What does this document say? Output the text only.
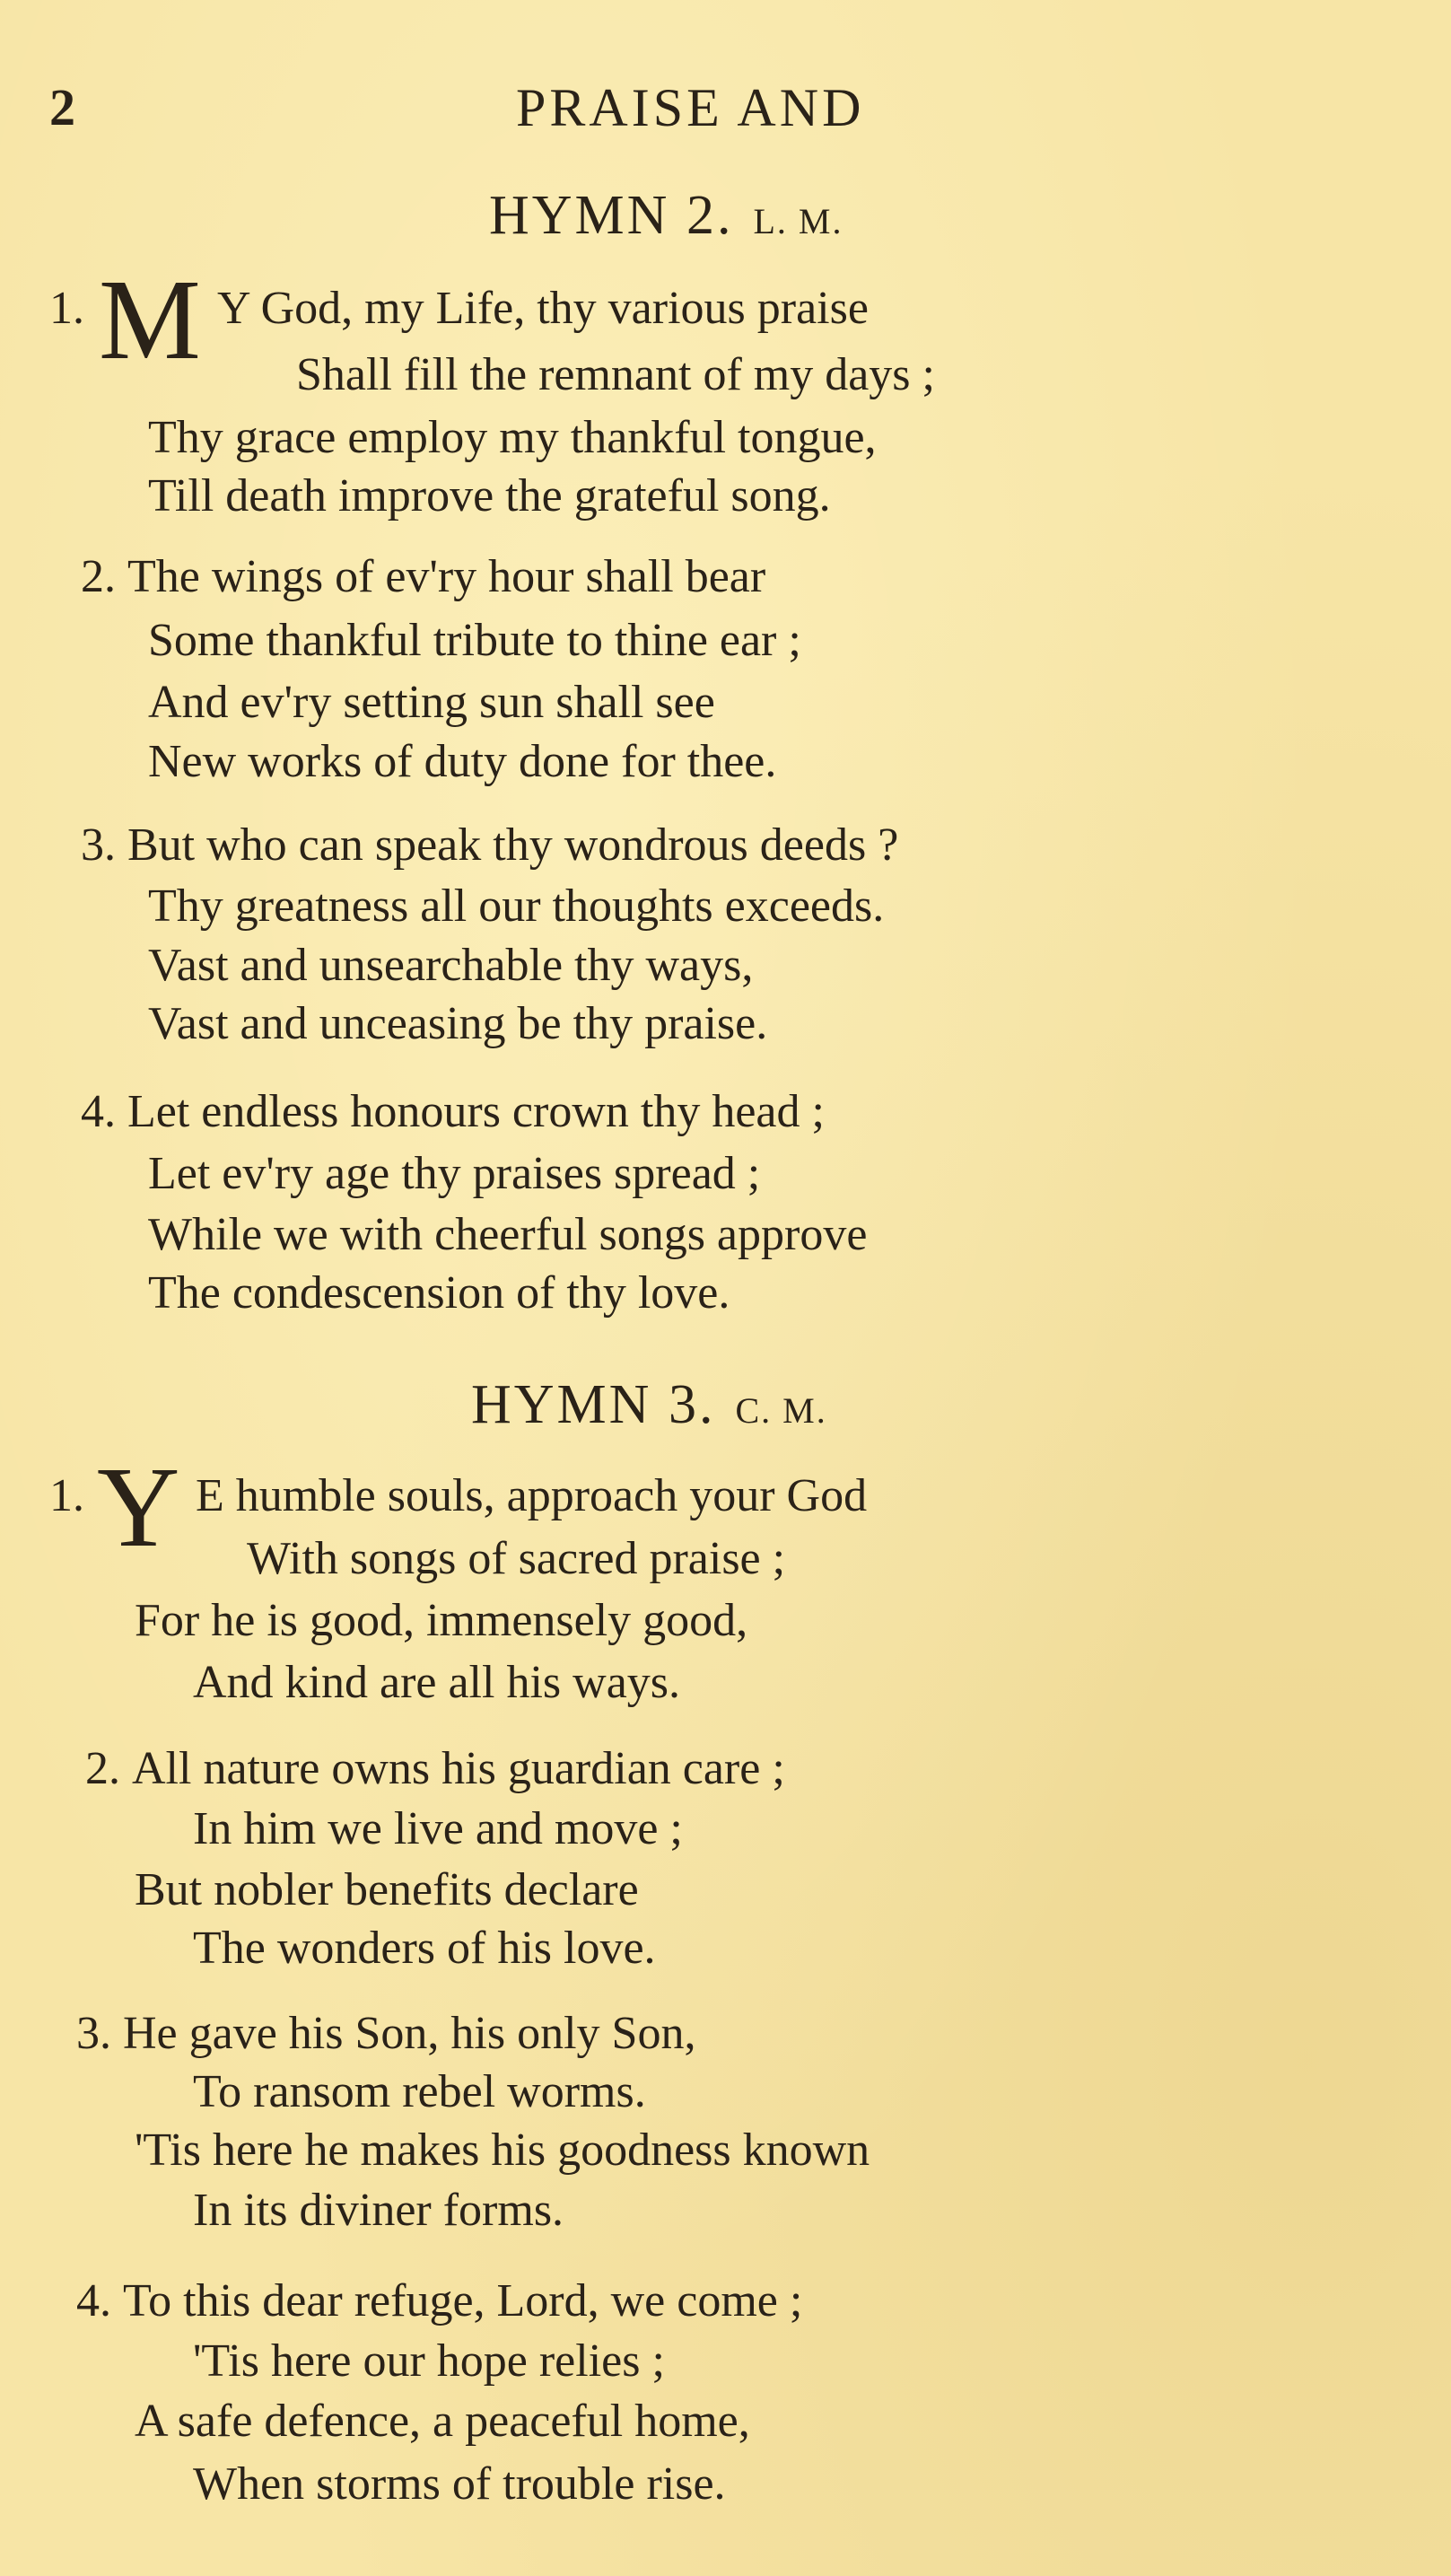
2	PRAISE AND
HYMN 2. L. M.
1. M Y God, my Life, thy various praise
Shall fill the remnant of my days ;
Thy grace employ my thankful tongue,
Till death improve the grateful song.
2. The wings of ev'ry hour shall bear
Some thankful tribute to thine ear ;
And ev'ry setting sun shall see
New works of duty done for thee.
3. But who can speak thy wondrous deeds ?
Thy greatness all our thoughts exceeds.
Vast and unsearchable thy ways,
Vast and unceasing be thy praise.
4. Let endless honours crown thy head ;
Let ev'ry age thy praises spread ;
While we with cheerful songs approve
The condescension of thy love.
HYMN 3. C. M.
1. Y E humble souls, approach your God
With songs of sacred praise ;
For he is good, immensely good,
And kind are all his ways.
2. All nature owns his guardian care ;
In him we live and move ;
But nobler benefits declare
The wonders of his love.
3. He gave his Son, his only Son,
To ransom rebel worms.
'Tis here he makes his goodness known
In its diviner forms.
4. To this dear refuge, Lord, we come ;
'Tis here our hope relies ;
A safe defence, a peaceful home,
When storms of trouble rise.
